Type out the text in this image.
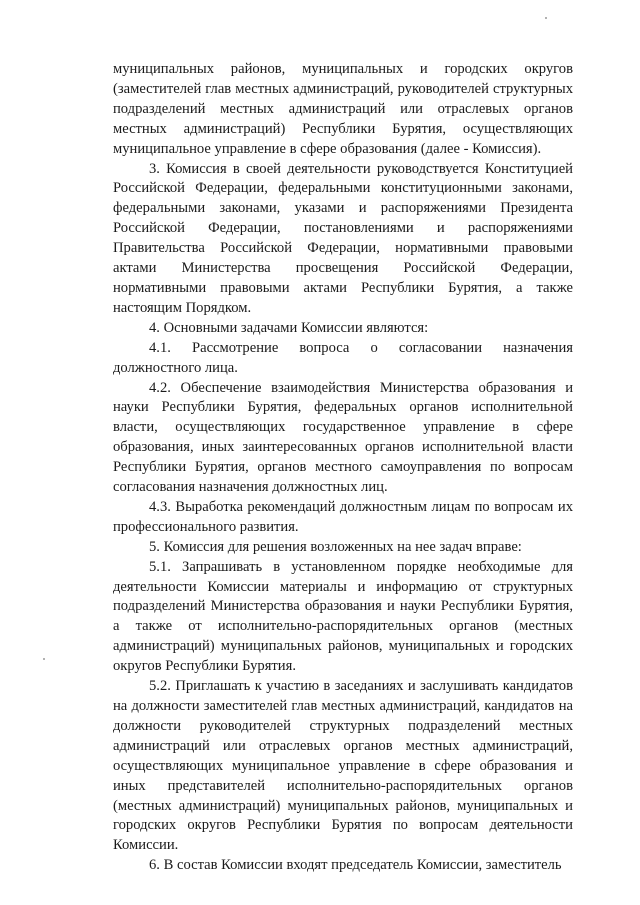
муниципальных районов, муниципальных и городских округов (заместителей глав местных администраций, руководителей структурных подразделений местных администраций или отраслевых органов местных администраций) Республики Бурятия, осуществляющих муниципальное управление в сфере образования (далее - Комиссия).

3. Комиссия в своей деятельности руководствуется Конституцией Российской Федерации, федеральными конституционными законами, федеральными законами, указами и распоряжениями Президента Российской Федерации, постановлениями и распоряжениями Правительства Российской Федерации, нормативными правовыми актами Министерства просвещения Российской Федерации, нормативными правовыми актами Республики Бурятия, а также настоящим Порядком.

4. Основными задачами Комиссии являются:

4.1. Рассмотрение вопроса о согласовании назначения должностного лица.

4.2. Обеспечение взаимодействия Министерства образования и науки Республики Бурятия, федеральных органов исполнительной власти, осуществляющих государственное управление в сфере образования, иных заинтересованных органов исполнительной власти Республики Бурятия, органов местного самоуправления по вопросам согласования назначения должностных лиц.

4.3. Выработка рекомендаций должностным лицам по вопросам их профессионального развития.

5. Комиссия для решения возложенных на нее задач вправе:

5.1. Запрашивать в установленном порядке необходимые для деятельности Комиссии материалы и информацию от структурных подразделений Министерства образования и науки Республики Бурятия, а также от исполнительно-распорядительных органов (местных администраций) муниципальных районов, муниципальных и городских округов Республики Бурятия.

5.2. Приглашать к участию в заседаниях и заслушивать кандидатов на должности заместителей глав местных администраций, кандидатов на должности руководителей структурных подразделений местных администраций или отраслевых органов местных администраций, осуществляющих муниципальное управление в сфере образования и иных представителей исполнительно-распорядительных органов (местных администраций) муниципальных районов, муниципальных и городских округов Республики Бурятия по вопросам деятельности Комиссии.

6. В состав Комиссии входят председатель Комиссии, заместитель
